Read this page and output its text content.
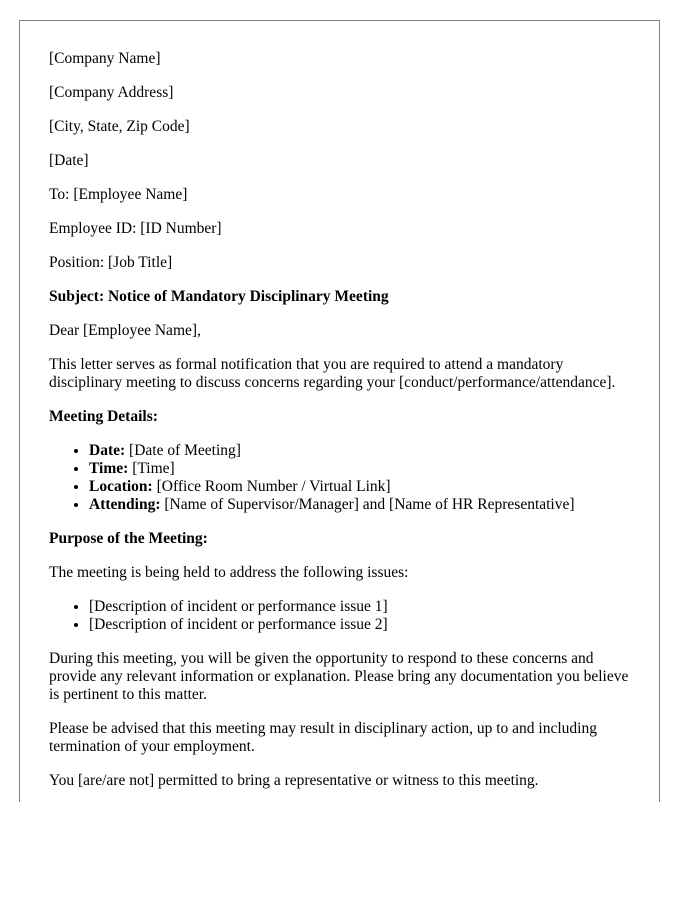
[Company Name]

[Company Address]

[City, State, Zip Code]

[Date]

To: [Employee Name]

Employee ID: [ID Number]

Position: [Job Title]

Subject: Notice of Mandatory Disciplinary Meeting

Dear [Employee Name],

This letter serves as formal notification that you are required to attend a mandatory disciplinary meeting to discuss concerns regarding your [conduct/performance/attendance].

Meeting Details:

• Date: [Date of Meeting]
• Time: [Time]
• Location: [Office Room Number / Virtual Link]
• Attending: [Name of Supervisor/Manager] and [Name of HR Representative]

Purpose of the Meeting:

The meeting is being held to address the following issues:

• [Description of incident or performance issue 1]
• [Description of incident or performance issue 2]

During this meeting, you will be given the opportunity to respond to these concerns and provide any relevant information or explanation. Please bring any documentation you believe is pertinent to this matter.

Please be advised that this meeting may result in disciplinary action, up to and including termination of your employment.

You [are/are not] permitted to bring a representative or witness to this meeting.
